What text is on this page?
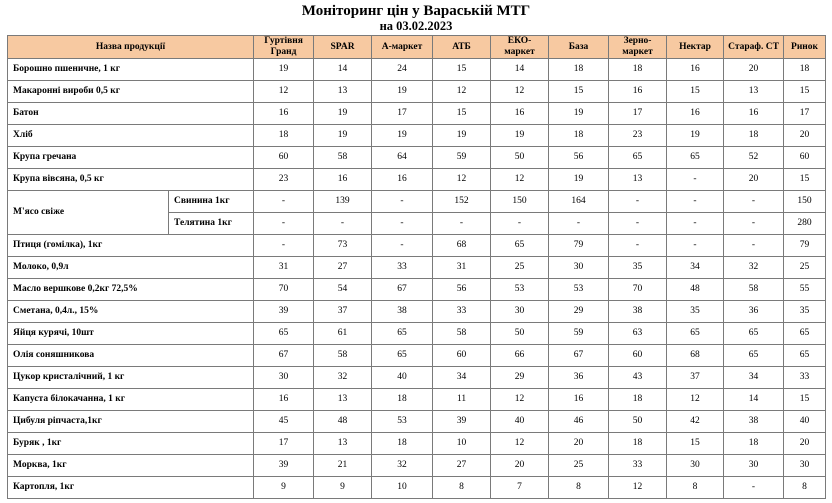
Моніторинг цін у Вараській МТГ
на 03.02.2023
Назва продукції		Гуртівня Гранд	SPAR	А-маркет	АТБ	ЕКО-маркет	База	Зерно-маркет	Нектар	Стараф. СТ	Ринок
Борошно пшеничне, 1 кг		19	14	24	15	14	18	18	16	20	18
Макаронні вироби 0,5 кг		12	13	19	12	12	15	16	15	13	15
Батон		16	19	17	15	16	19	17	16	16	17
Хліб		18	19	19	19	19	18	23	19	18	20
Крупа гречана		60	58	64	59	50	56	65	65	52	60
Крупа вівсяна, 0,5 кг		23	16	16	12	12	19	13	-	20	15
М'ясо свіже	Свинина 1кг	-	139	-	152	150	164	-	-	-	150
	Телятина 1кг	-	-	-	-	-	-	-	-	-	280
Птиця (гомілка), 1кг		-	73	-	68	65	79	-	-	-	79
Молоко, 0,9л		31	27	33	31	25	30	35	34	32	25
Масло вершкове 0,2кг 72,5%		70	54	67	56	53	53	70	48	58	55
Сметана, 0,4л., 15%		39	37	38	33	30	29	38	35	36	35
Яйця курячі, 10шт		65	61	65	58	50	59	63	65	65	65
Олія соняшникова		67	58	65	60	66	67	60	68	65	65
Цукор кристалічний, 1 кг		30	32	40	34	29	36	43	37	34	33
Капуста білокачанна, 1 кг		16	13	18	11	12	16	18	12	14	15
Цибуля ріпчаста,1кг		45	48	53	39	40	46	50	42	38	40
Буряк , 1кг		17	13	18	10	12	20	18	15	18	20
Морква, 1кг		39	21	32	27	20	25	33	30	30	30
Картопля, 1кг		9	9	10	8	7	8	12	8	-	8
